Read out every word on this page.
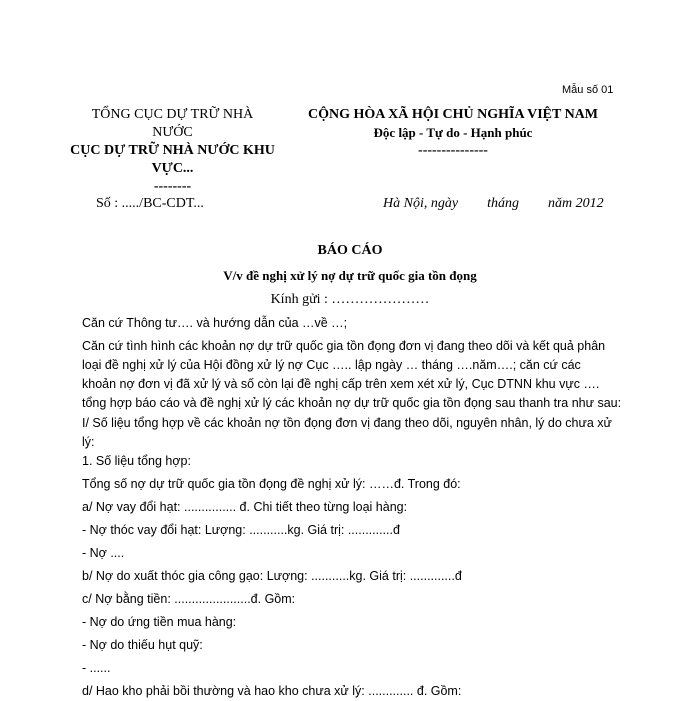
Mẫu số 01
TỔNG CỤC DỰ TRỮ NHÀ NƯỚC
CỤC DỰ TRỮ NHÀ NƯỚC KHU VỰC...
--------
CỘNG HÒA XÃ HỘI CHỦ NGHĨA VIỆT NAM
Độc lập - Tự do - Hạnh phúc
---------------
Số : ...../BC-CDT...	Hà Nội, ngày tháng năm 2012
BÁO CÁO
V/v đề nghị xử lý nợ dự trữ quốc gia tồn đọng
Kính gửi : …………………
Căn cứ Thông tư…. và hướng dẫn của …về …;
Căn cứ tình hình các khoản nợ dự trữ quốc gia tồn đọng đơn vị đang theo dõi và kết quả phân
loại đề nghị xử lý của Hội đồng xử lý nợ Cục ….. lập ngày … tháng ….năm….; căn cứ các
khoản nợ đơn vị đã xử lý và số còn lại đề nghị cấp trên xem xét xử lý, Cục DTNN khu vực ….
tổng hợp báo cáo và đề nghị xử lý các khoản nợ dự trữ quốc gia tồn đọng sau thanh tra như sau:
I/ Số liệu tổng hợp về các khoản nợ tồn đọng đơn vị đang theo dõi, nguyên nhân, lý do chưa xử
lý:
1. Số liệu tổng hợp:
Tổng số nợ dự trữ quốc gia tồn đọng đề nghị xử lý: ……đ. Trong đó:
a/ Nợ vay đổi hạt: ............... đ. Chi tiết theo từng loại hàng:
- Nợ thóc vay đổi hạt: Lượng: ...........kg. Giá trị: .............đ
- Nợ ....
b/ Nợ do xuất thóc gia công gạo: Lượng: ...........kg. Giá trị: .............đ
c/ Nợ bằng tiền: ......................đ. Gồm:
- Nợ do ứng tiền mua hàng:
- Nợ do thiếu hụt quỹ:
- ......
d/ Hao kho phải bồi thường và hao kho chưa xử lý: ............. đ. Gồm:
